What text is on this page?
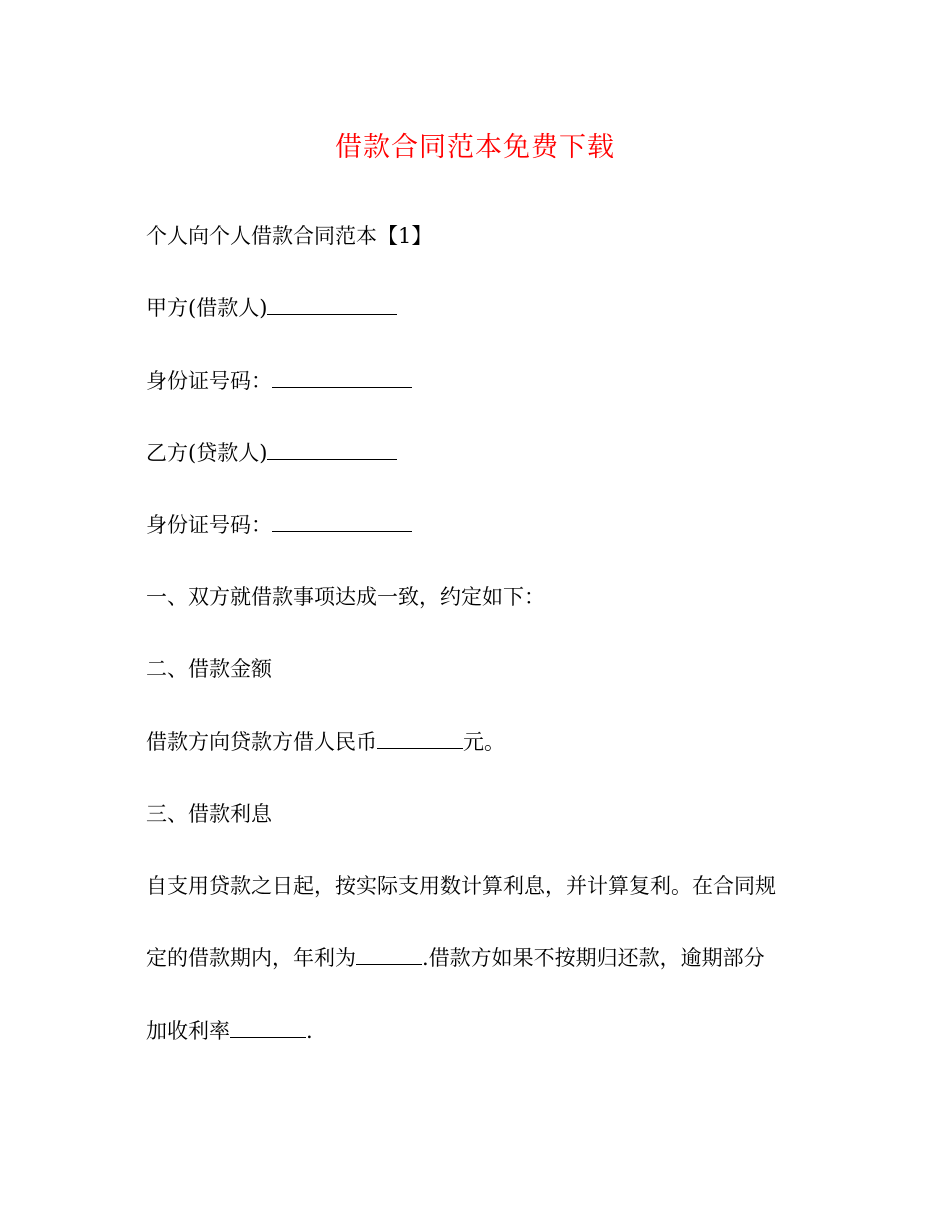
借款合同范本免费下载
个人向个人借款合同范本【1】
甲方(借款人)
身份证号码：
乙方(贷款人)
身份证号码：
一、双方就借款事项达成一致，约定如下：
二、借款金额
借款方向贷款方借人民币	元。
三、借款利息
自支用贷款之日起，按实际支用数计算利息，并计算复利。在合同规
定的借款期内，年利为	.借款方如果不按期归还款，逾期部分
加收利率	.
